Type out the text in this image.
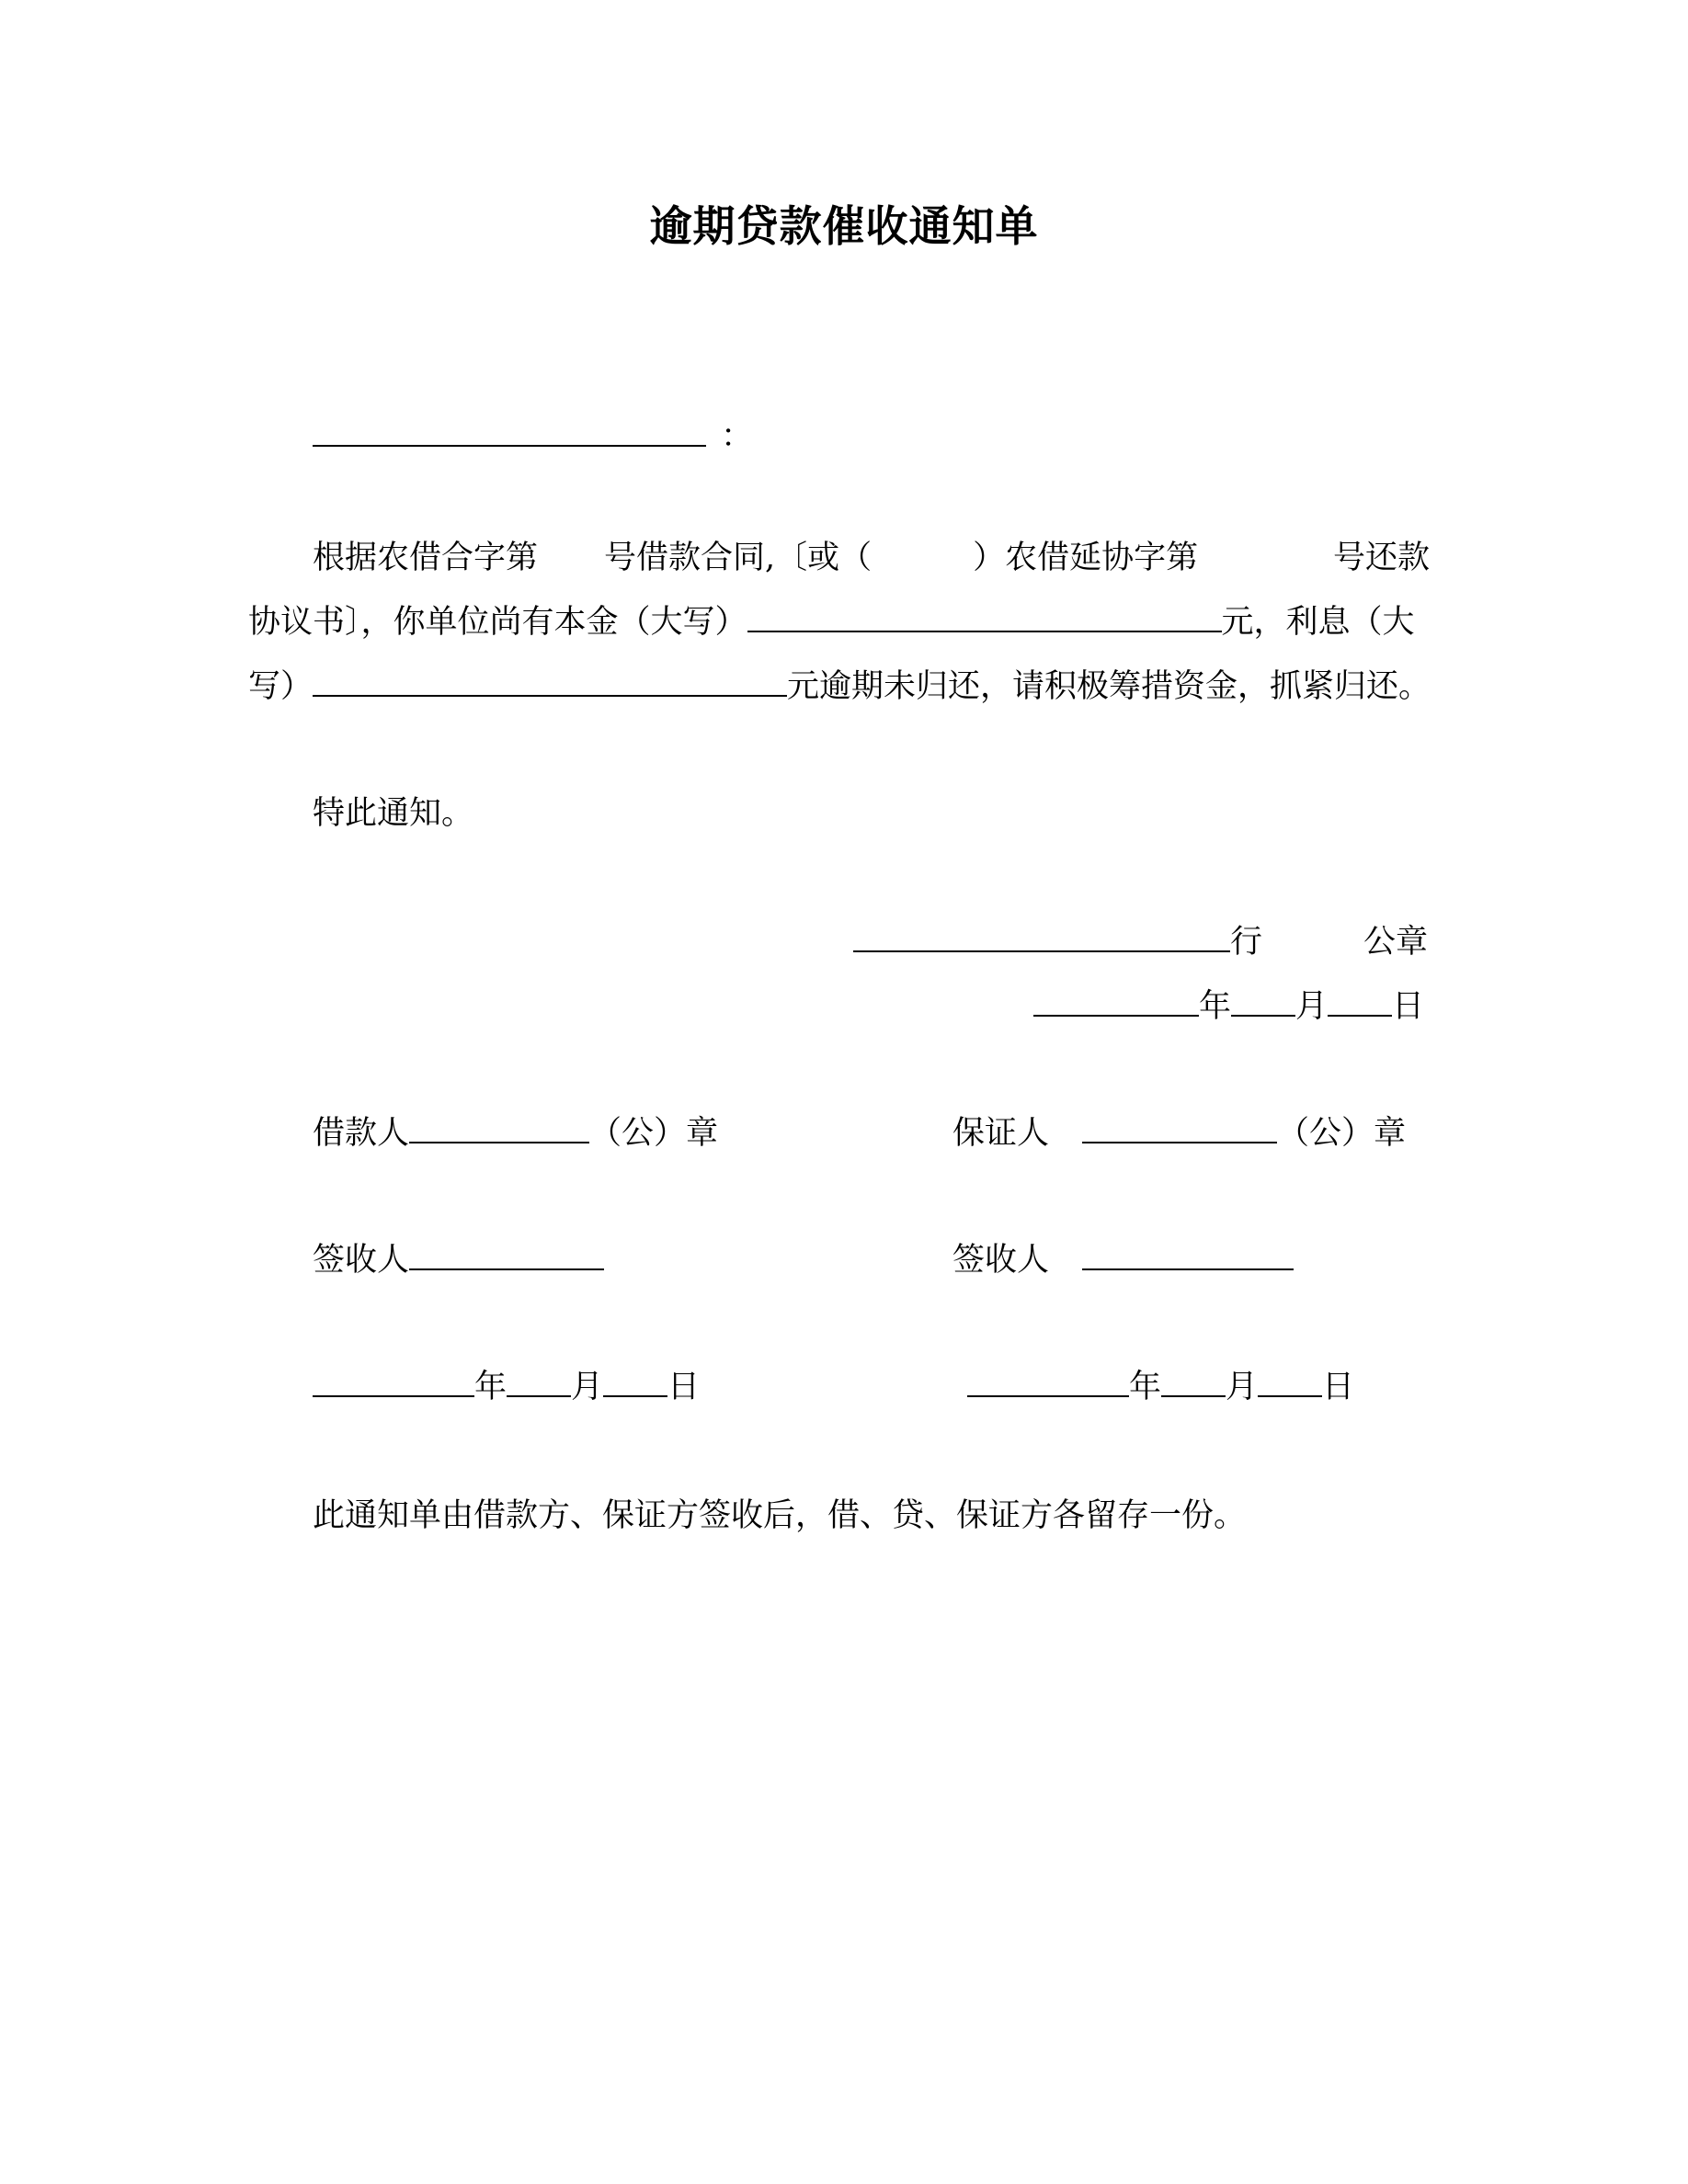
逾期贷款催收通知单
：
根据农借合字第 号借款合同,〔或（	）农借延协字第	号还款
协议书〕，你单位尚有本金（大写）	元，利息（大
写）	元逾期未归还，请积极筹措资金，抓紧归还。
特此通知。
行	公章
年 月 日
借款人	（公）章	保证人	（公）章
签收人	签收人
年 月 日	年 月 日
此通知单由借款方、保证方签收后，借、贷、保证方各留存一份。
